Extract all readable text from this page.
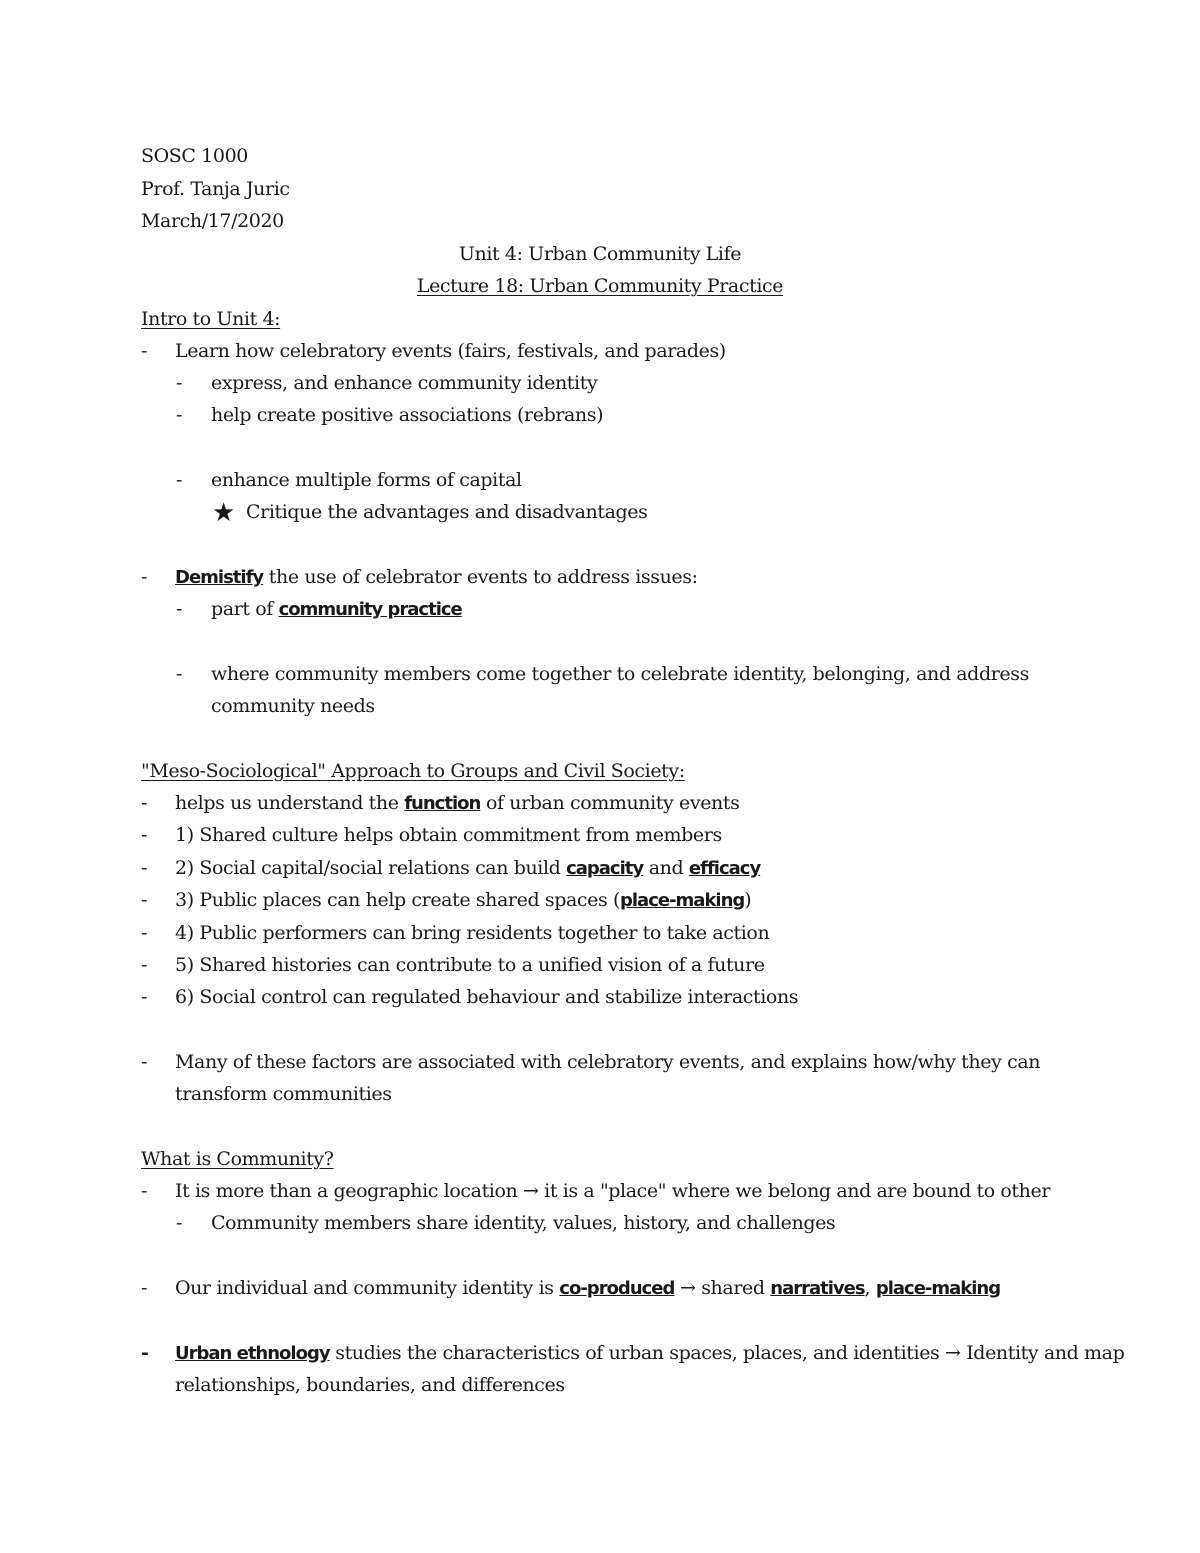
SOSC 1000
Prof. Tanja Juric
March/17/2020
Unit 4: Urban Community Life
Lecture 18: Urban Community Practice
Intro to Unit 4:
- Learn how celebratory events (fairs, festivals, and parades)
- express, and enhance community identity
- help create positive associations (rebrans)
- enhance multiple forms of capital
★ Critique the advantages and disadvantages
- Demistify the use of celebrator events to address issues:
- part of community practice
- where community members come together to celebrate identity, belonging, and address
community needs
"Meso-Sociological" Approach to Groups and Civil Society:
- helps us understand the function of urban community events
- 1) Shared culture helps obtain commitment from members
- 2) Social capital/social relations can build capacity and efficacy
- 3) Public places can help create shared spaces (place-making)
- 4) Public performers can bring residents together to take action
- 5) Shared histories can contribute to a unified vision of a future
- 6) Social control can regulated behaviour and stabilize interactions
- Many of these factors are associated with celebratory events, and explains how/why they can
transform communities
What is Community?
- It is more than a geographic location → it is a "place" where we belong and are bound to other
- Community members share identity, values, history, and challenges
- Our individual and community identity is co-produced → shared narratives, place-making
- Urban ethnology studies the characteristics of urban spaces, places, and identities → Identity and map
relationships, boundaries, and differences
